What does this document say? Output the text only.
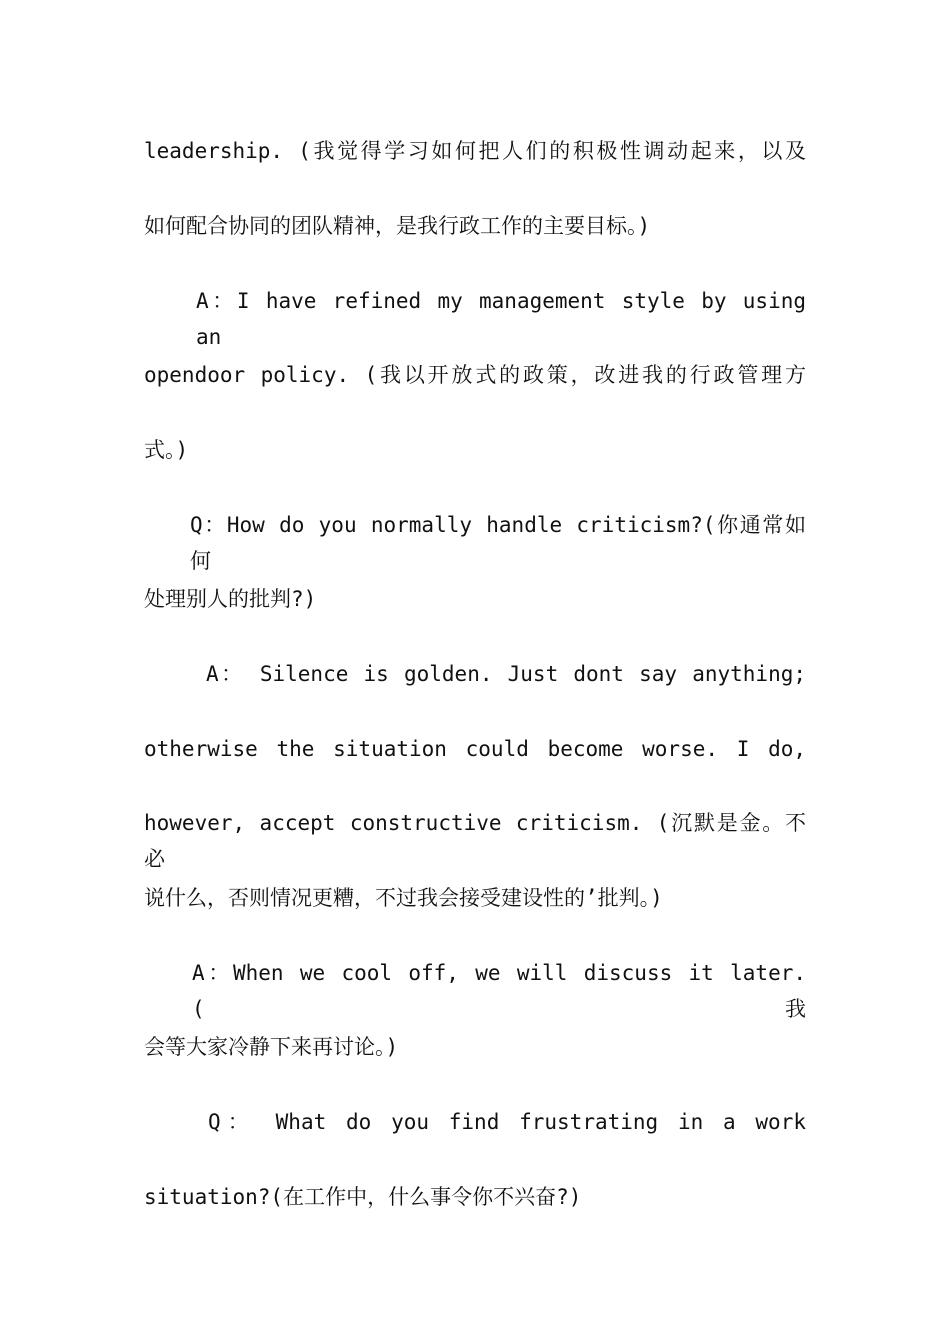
leadership. (我觉得学习如何把人们的积极性调动起来，以及
如何配合协同的团队精神，是我行政工作的主要目标。)
A：I have refined my management style by using an
opendoor policy. (我以开放式的政策，改进我的行政管理方
式。)
Q：How do you normally handle criticism?(你通常如何
处理别人的批判?)
A： Silence is golden. Just dont say anything;
otherwise the situation could become worse. I do,
however, accept constructive criticism. (沉默是金。不必
说什么，否则情况更糟，不过我会接受建设性的’批判。)
A：When we cool off, we will discuss it later. (我
会等大家冷静下来再讨论。)
Q： What do you find frustrating in a work
situation?(在工作中，什么事令你不兴奋?)
